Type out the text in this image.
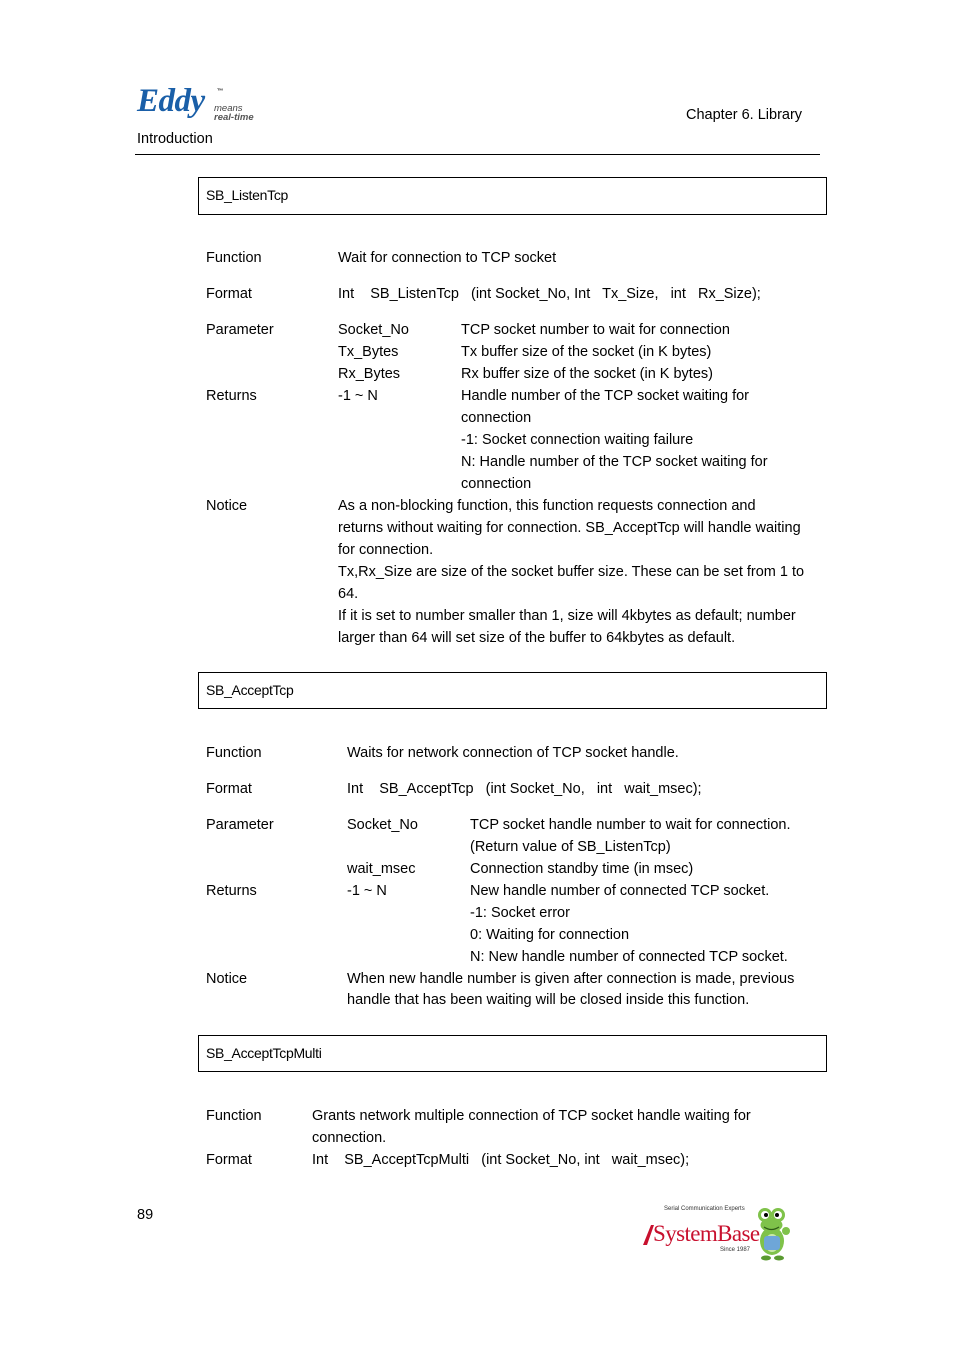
Eddy ™
means
real-time
Introduction
Chapter 6. Library
SB_ListenTcp
Function	Wait for connection to TCP socket
Format	Int    SB_ListenTcp   (int Socket_No, Int   Tx_Size,   int   Rx_Size);
Parameter	Socket_No	TCP socket number to wait for connection
Tx_Bytes	Tx buffer size of the socket (in K bytes)
Rx_Bytes	Rx buffer size of the socket (in K bytes)
Returns	-1 ~ N	Handle number of the TCP socket waiting for
connection
-1: Socket connection waiting failure
N: Handle number of the TCP socket waiting for
connection
Notice	As a non-blocking function, this function requests connection and
returns without waiting for connection. SB_AcceptTcp will handle waiting
for connection.
Tx,Rx_Size are size of the socket buffer size. These can be set from 1 to
64.
If it is set to number smaller than 1, size will 4kbytes as default; number
larger than 64 will set size of the buffer to 64kbytes as default.
SB_AcceptTcp
Function	Waits for network connection of TCP socket handle.
Format	Int    SB_AcceptTcp   (int Socket_No,   int   wait_msec);
Parameter	Socket_No	TCP socket handle number to wait for connection.
(Return value of SB_ListenTcp)
wait_msec	Connection standby time (in msec)
Returns	-1 ~ N	New handle number of connected TCP socket.
-1: Socket error
0: Waiting for connection
N: New handle number of connected TCP socket.
Notice	When new handle number is given after connection is made, previous
handle that has been waiting will be closed inside this function.
SB_AcceptTcpMulti
Function	Grants network multiple connection of TCP socket handle waiting for
connection.
Format	Int    SB_AcceptTcpMulti   (int Socket_No, int   wait_msec);
89	Serial Communication Experts
SystemBase
Since 1987
